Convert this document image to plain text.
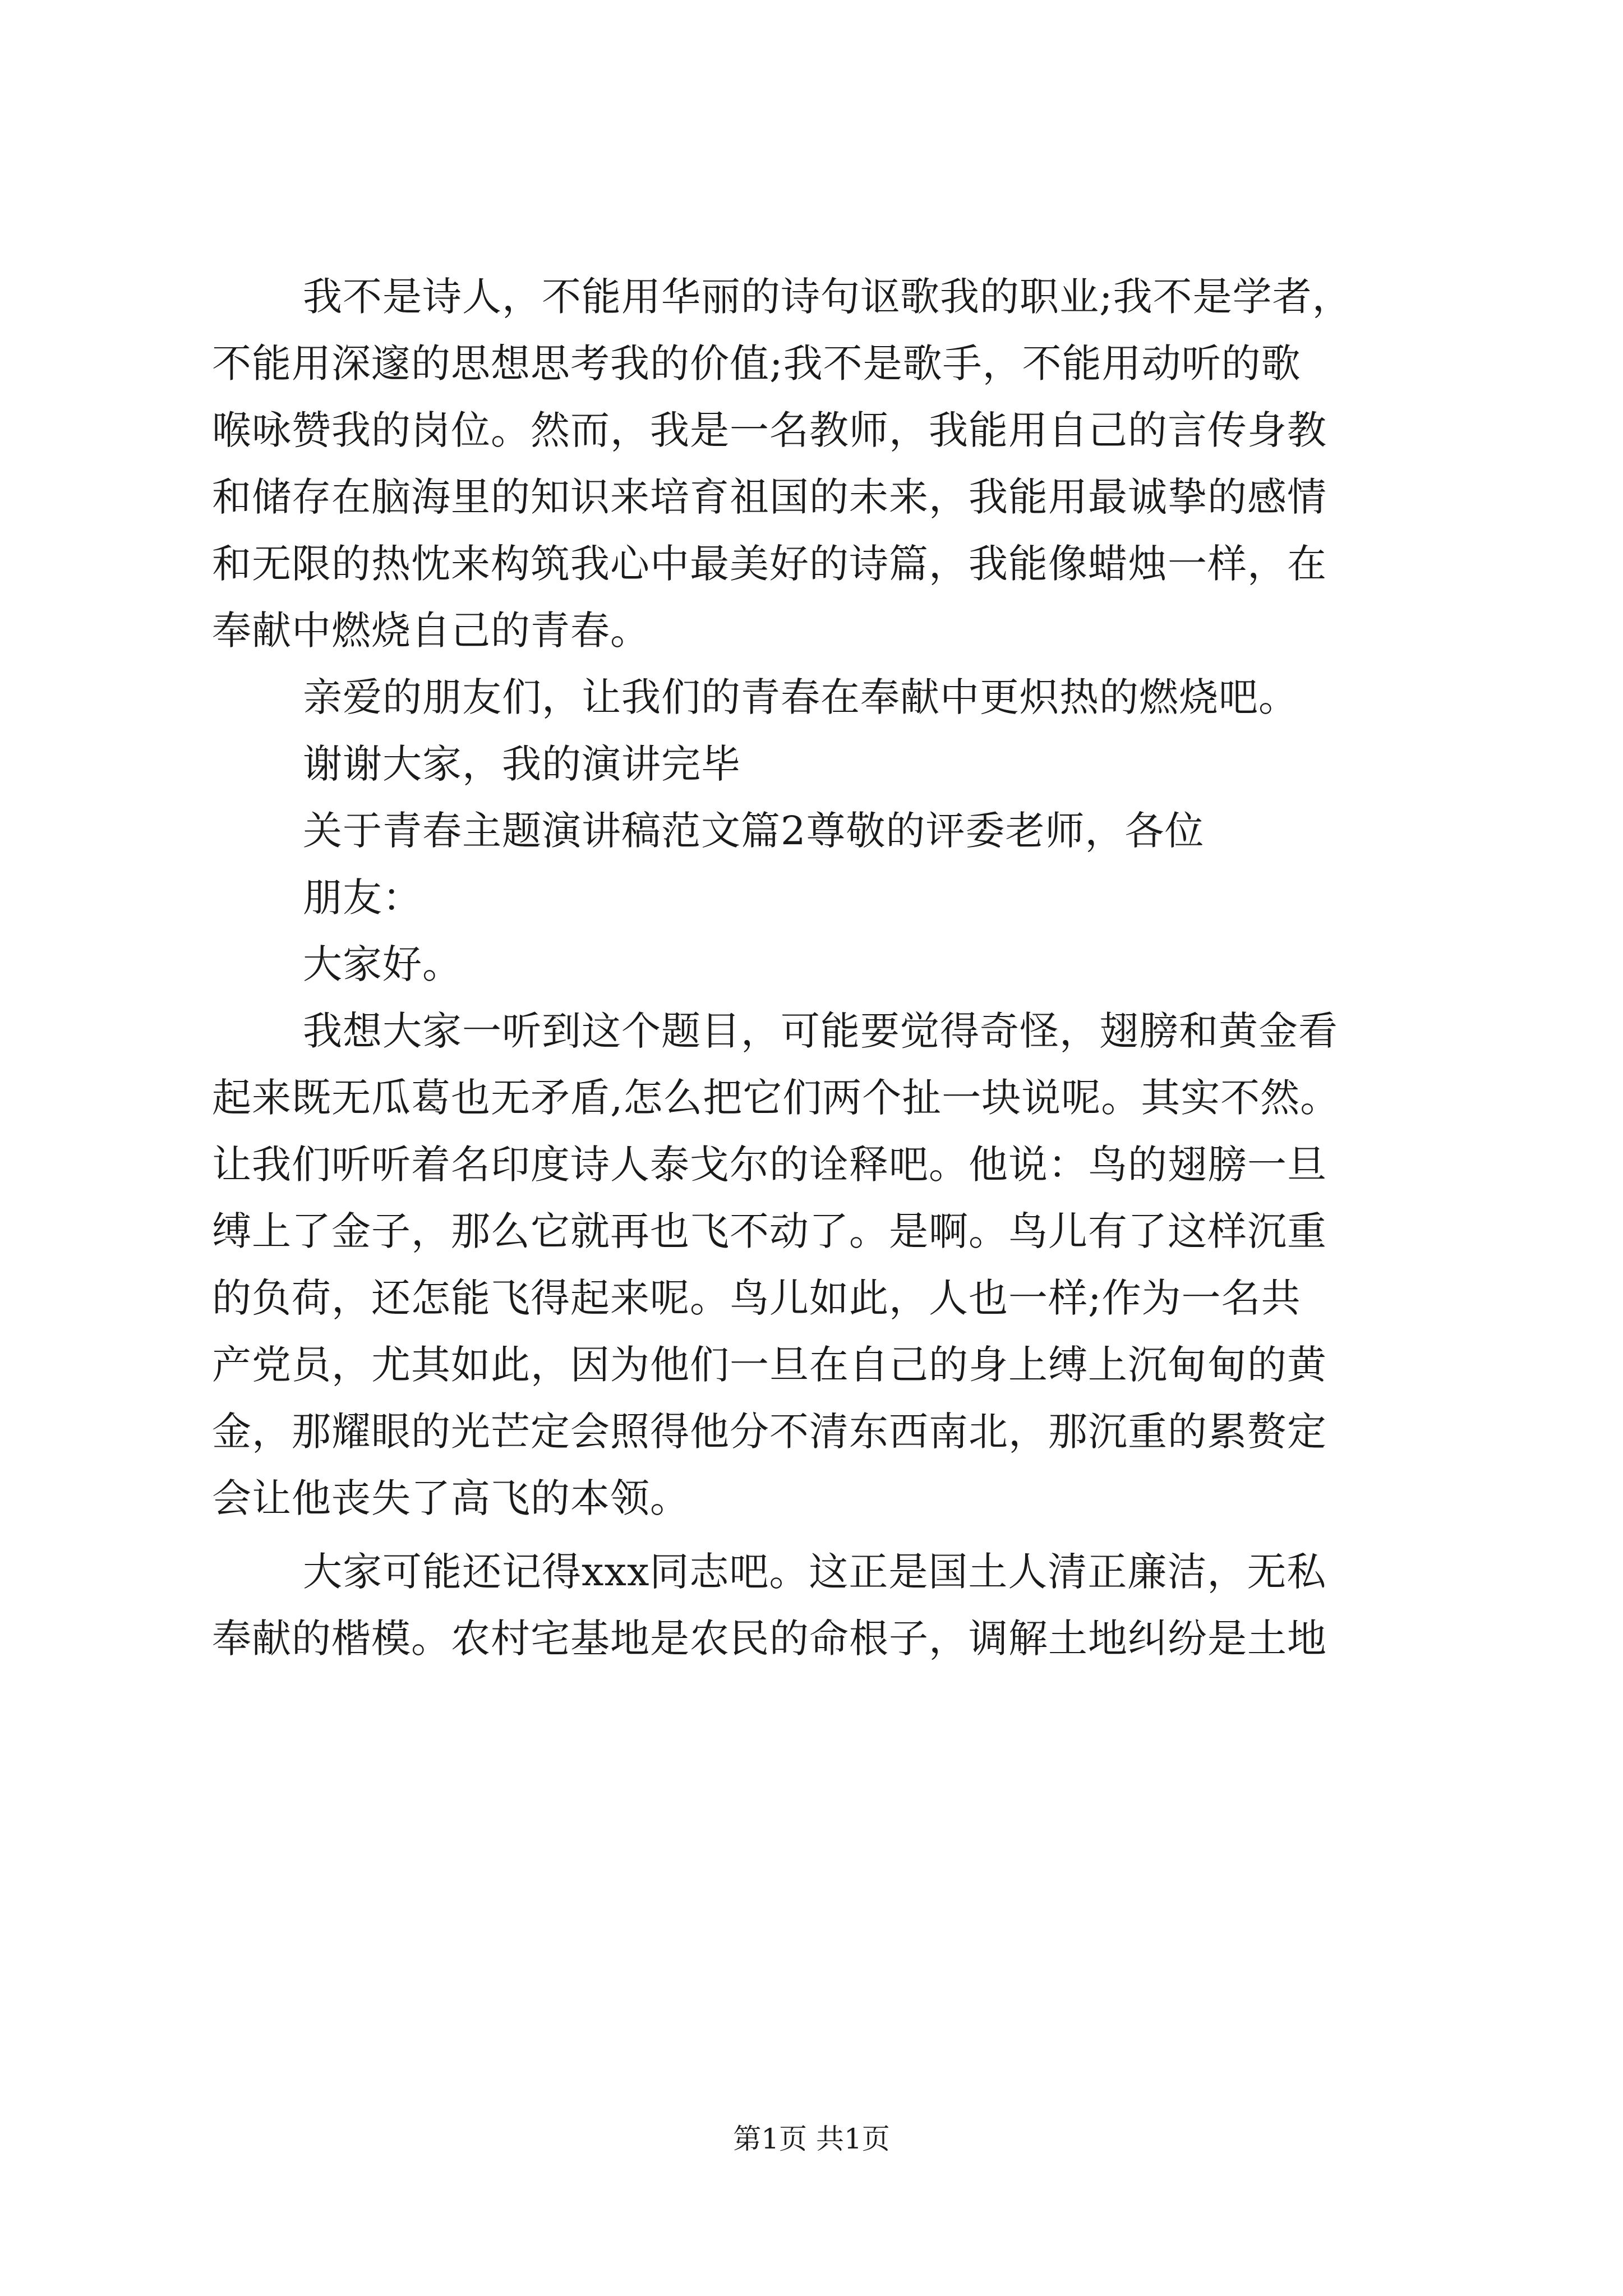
我不是诗人，不能用华丽的诗句讴歌我的职业;我不是学者，
不能用深邃的思想思考我的价值;我不是歌手，不能用动听的歌
喉咏赞我的岗位。然而，我是一名教师，我能用自己的言传身教
和储存在脑海里的知识来培育祖国的未来，我能用最诚挚的感情
和无限的热忱来构筑我心中最美好的诗篇，我能像蜡烛一样，在
奉献中燃烧自己的青春。
亲爱的朋友们，让我们的青春在奉献中更炽热的燃烧吧。
谢谢大家，我的演讲完毕
关于青春主题演讲稿范文篇2尊敬的评委老师，各位
朋友：
大家好。
我想大家一听到这个题目，可能要觉得奇怪，翅膀和黄金看
起来既无瓜葛也无矛盾,怎么把它们两个扯一块说呢。其实不然。
让我们听听着名印度诗人泰戈尔的诠释吧。他说：鸟的翅膀一旦
缚上了金子，那么它就再也飞不动了。是啊。鸟儿有了这样沉重
的负荷，还怎能飞得起来呢。鸟儿如此，人也一样;作为一名共
产党员，尤其如此，因为他们一旦在自己的身上缚上沉甸甸的黄
金，那耀眼的光芒定会照得他分不清东西南北，那沉重的累赘定
会让他丧失了高飞的本领。
大家可能还记得xxx同志吧。这正是国土人清正廉洁，无私
奉献的楷模。农村宅基地是农民的命根子，调解土地纠纷是土地
第1页 共1页
